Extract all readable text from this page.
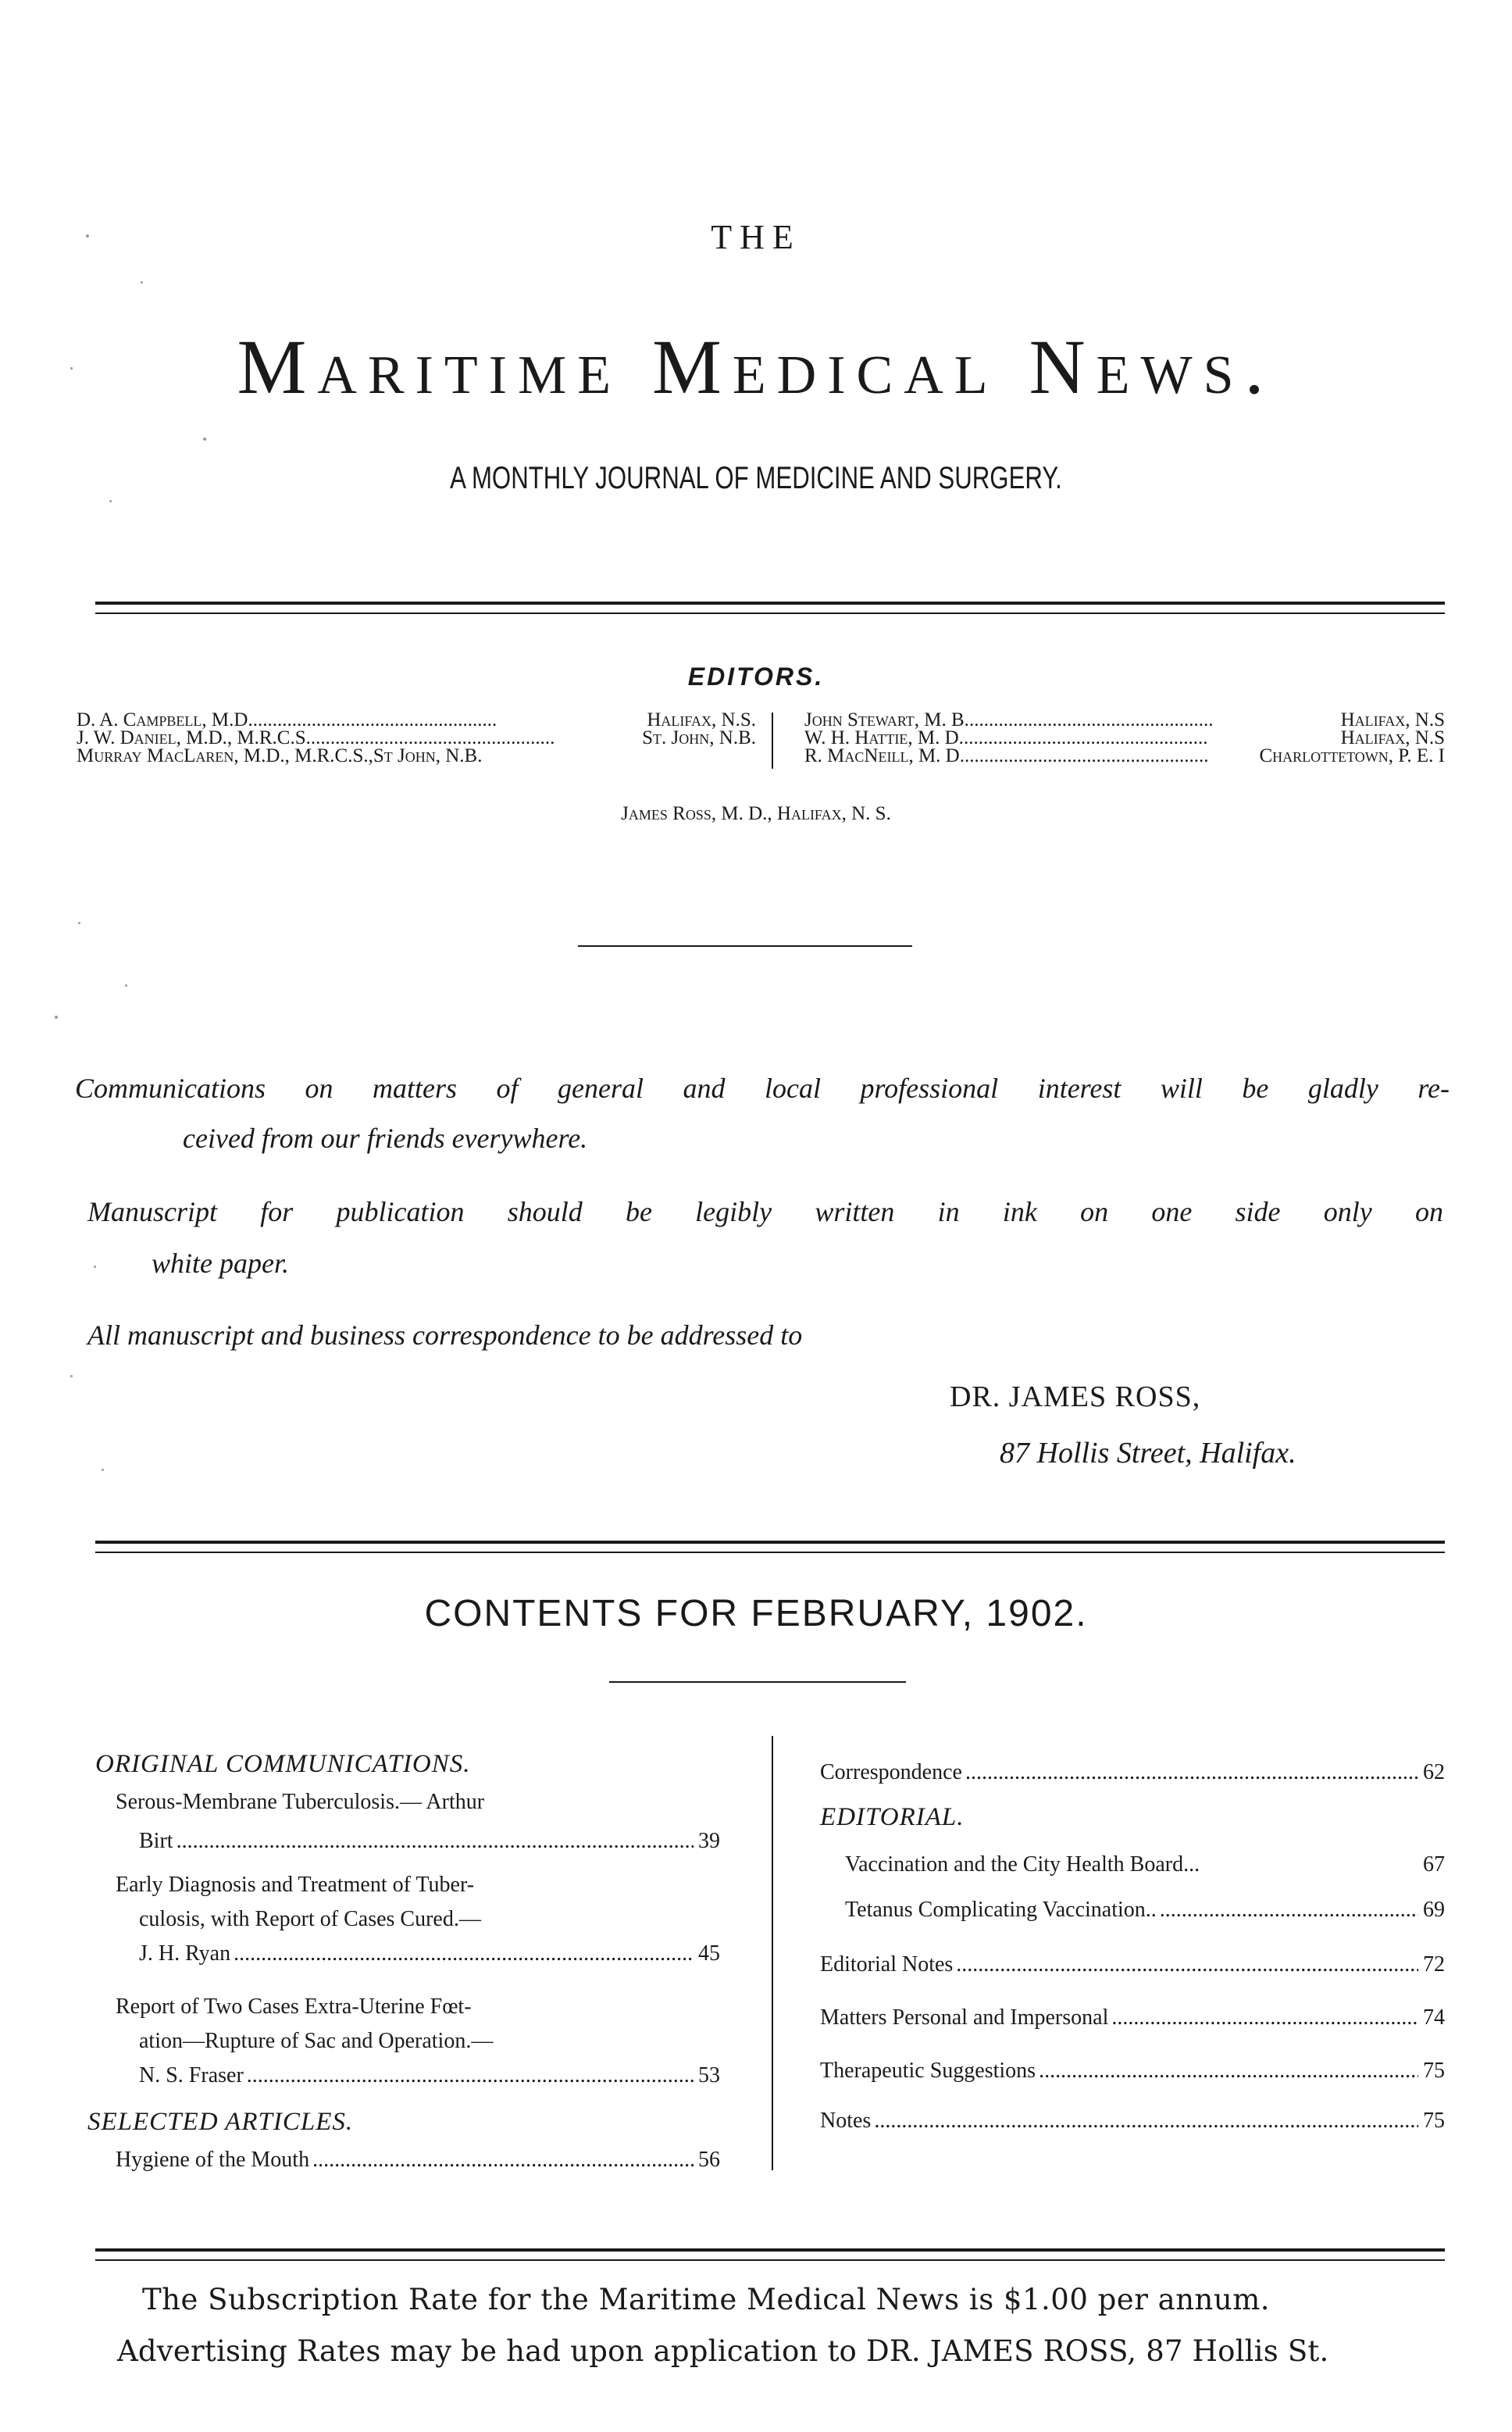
THE
Maritime Medical News.
A MONTHLY JOURNAL OF MEDICINE AND SURGERY.
EDITORS.
D. A. Campbell, M.D. ..................................................	Halifax, N.S.
J. W. Daniel, M.D., M.R.C.S. ..................................................	St. John, N.B.
Murray MacLaren, M.D., M.R.C.S., St John, N.B.
John Stewart, M. B. ..................................................	Halifax, N.S
W. H. Hattie, M. D. ..................................................	Halifax, N.S
R. MacNeill, M. D. ..................................................	Charlottetown, P. E. I
James Ross, M. D., Halifax, N. S.
Communications on matters of general and local professional interest will be gladly re-
ceived from our friends everywhere.
Manuscript for publication should be legibly written in ink on one side only on
white paper.
All manuscript and business correspondence to be addressed to
DR. JAMES ROSS,
87 Hollis Street, Halifax.
CONTENTS FOR FEBRUARY, 1902.
ORIGINAL COMMUNICATIONS.
Serous-Membrane Tuberculosis.— Arthur
Birt .....	39
Early Diagnosis and Treatment of Tuber-
culosis, with Report of Cases Cured.—
J. H. Ryan .....	45
Report of Two Cases Extra-Uterine Fœt-
ation—Rupture of Sac and Operation.—
N. S. Fraser .....	53
SELECTED ARTICLES.
Hygiene of the Mouth .....	56
Correspondence .....	62
EDITORIAL.
Vaccination and the City Health Board...	67
Tetanus Complicating Vaccination.. .....	69
Editorial Notes .....	72
Matters Personal and Impersonal .....	74
Therapeutic Suggestions .....	75
Notes .....	75
The Subscription Rate for the Maritime Medical News is $1.00 per annum.
Advertising Rates may be had upon application to DR. JAMES ROSS, 87 Hollis St.
